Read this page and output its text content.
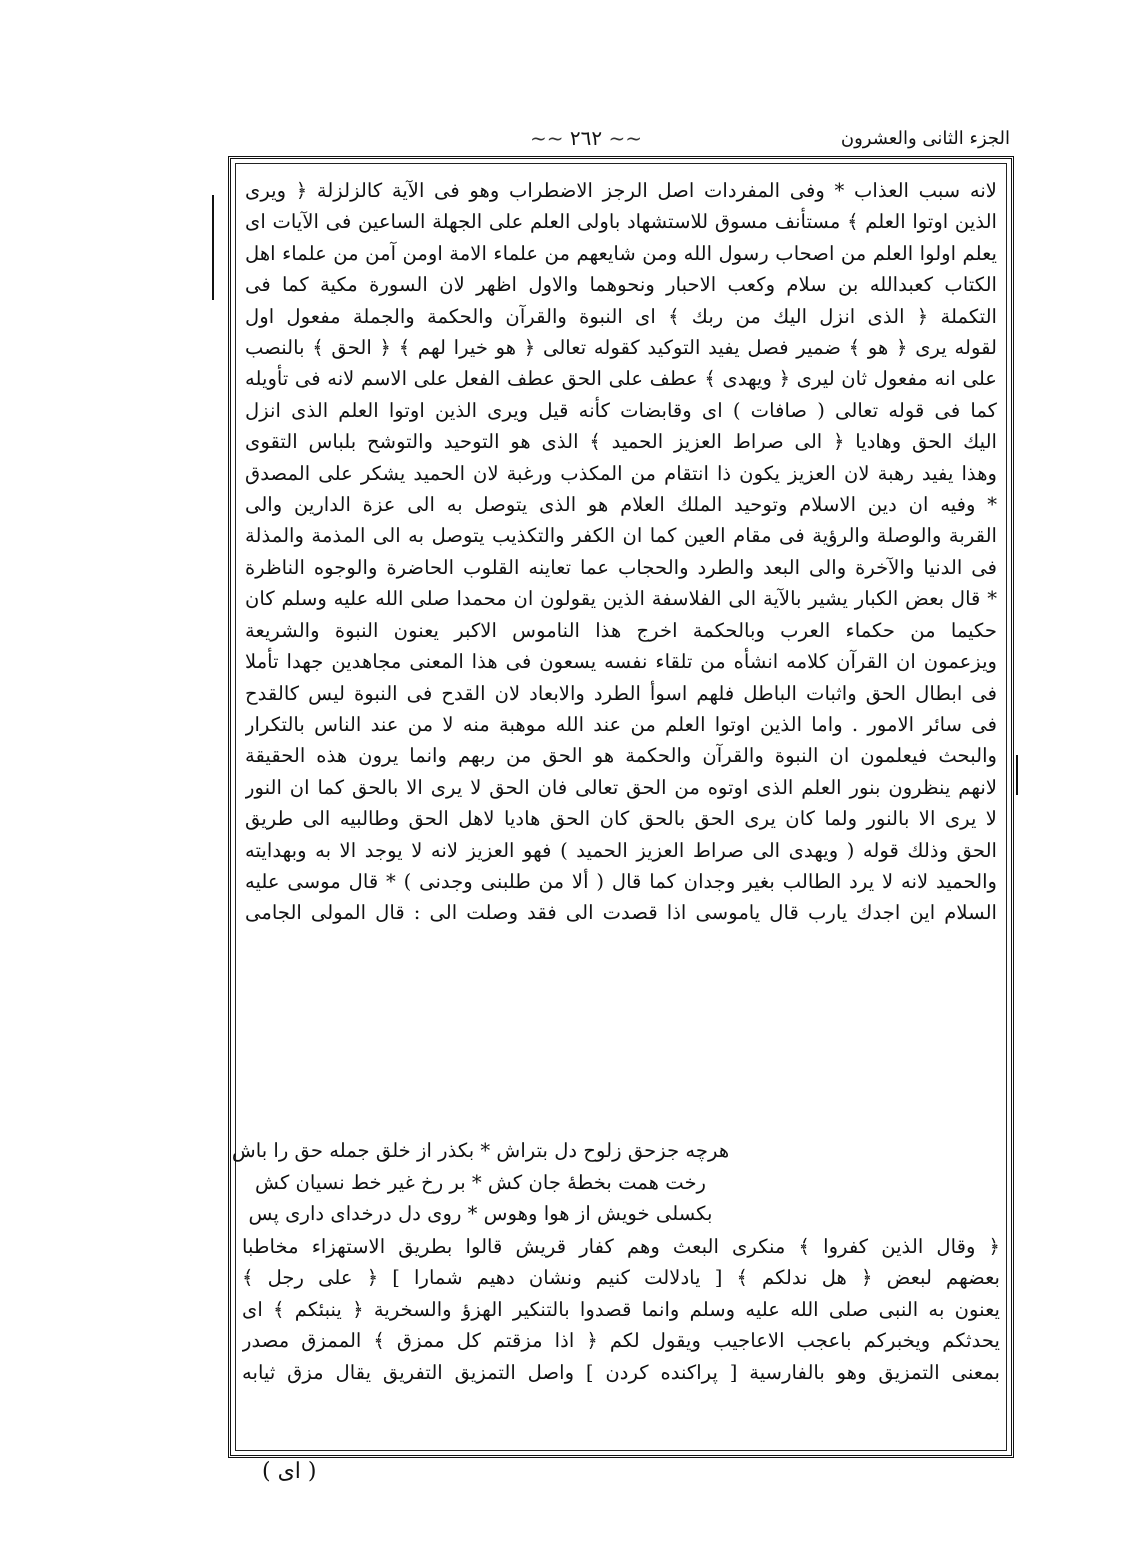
الجزء الثانى والعشرون
~~ ٢٦٢ ~~
لانه سبب العذاب * وفى المفردات اصل الرجز الاضطراب وهو فى الآية كالزلزلة ﴿ ويرى
الذين اوتوا العلم ﴾ مستأنف مسوق للاستشهاد باولى العلم على الجهلة الساعين فى الآيات اى
يعلم اولوا العلم من اصحاب رسول الله ومن شايعهم من علماء الامة اومن آمن من علماء اهل
الكتاب كعبدالله بن سلام وكعب الاحبار ونحوهما والاول اظهر لان السورة مكية كما فى
التكملة ﴿ الذى انزل اليك من ربك ﴾ اى النبوة والقرآن والحكمة والجملة مفعول اول
لقوله يرى ﴿ هو ﴾ ضمير فصل يفيد التوكيد كقوله تعالى ﴿ هو خيرا لهم ﴾ ﴿ الحق ﴾ بالنصب
على انه مفعول ثان ليرى ﴿ ويهدى ﴾ عطف على الحق عطف الفعل على الاسم لانه فى تأويله
كما فى قوله تعالى ( صافات ) اى وقابضات كأنه قيل ويرى الذين اوتوا العلم الذى انزل
اليك الحق وهاديا ﴿ الى صراط العزيز الحميد ﴾ الذى هو التوحيد والتوشح بلباس التقوى
وهذا يفيد رهبة لان العزيز يكون ذا انتقام من المكذب ورغبة لان الحميد يشكر على المصدق
* وفيه ان دين الاسلام وتوحيد الملك العلام هو الذى يتوصل به الى عزة الدارين والى
القربة والوصلة والرؤية فى مقام العين كما ان الكفر والتكذيب يتوصل به الى المذمة والمذلة
فى الدنيا والآخرة والى البعد والطرد والحجاب عما تعاينه القلوب الحاضرة والوجوه الناظرة
* قال بعض الكبار يشير بالآية الى الفلاسفة الذين يقولون ان محمدا صلى الله عليه وسلم كان
حكيما من حكماء العرب وبالحكمة اخرج هذا الناموس الاكبر يعنون النبوة والشريعة
ويزعمون ان القرآن كلامه انشأه من تلقاء نفسه يسعون فى هذا المعنى مجاهدين جهدا تأملا
فى ابطال الحق واثبات الباطل فلهم اسوأ الطرد والابعاد لان القدح فى النبوة ليس كالقدح
فى سائر الامور . واما الذين اوتوا العلم من عند الله موهبة منه لا من عند الناس بالتكرار
والبحث فيعلمون ان النبوة والقرآن والحكمة هو الحق من ربهم وانما يرون هذه الحقيقة
لانهم ينظرون بنور العلم الذى اوتوه من الحق تعالى فان الحق لا يرى الا بالحق كما ان النور
لا يرى الا بالنور ولما كان يرى الحق بالحق كان الحق هاديا لاهل الحق وطالبيه الى طريق
الحق وذلك قوله ( ويهدى الى صراط العزيز الحميد ) فهو العزيز لانه لا يوجد الا به وبهدايته
والحميد لانه لا يرد الطالب بغير وجدان كما قال ( ألا من طلبنى وجدنى ) * قال موسى عليه
السلام اين اجدك يارب قال ياموسى اذا قصدت الى فقد وصلت الى : قال المولى الجامى
هرچه جزحق زلوح دل بتراش * بكذر از خلق جمله حق را باش
رخت همت بخطهٔ جان كش * بر رخ غير خط نسيان كش
بكسلى خويش از هوا وهوس * روى دل درخداى دارى پس
﴿ وقال الذين كفروا ﴾ منكرى البعث وهم كفار قريش قالوا بطريق الاستهزاء مخاطبا
بعضهم لبعض ﴿ هل ندلكم ﴾ [ يادلالت كنيم ونشان دهيم شمارا ] ﴿ على رجل ﴾
يعنون به النبى صلى الله عليه وسلم وانما قصدوا بالتنكير الهزؤ والسخرية ﴿ ينبئكم ﴾ اى
يحدثكم ويخبركم باعجب الاعاجيب ويقول لكم ﴿ اذا مزقتم كل ممزق ﴾ الممزق مصدر
بمعنى التمزيق وهو بالفارسية [ پراكنده كردن ] واصل التمزيق التفريق يقال مزق ثيابه
( اى )
